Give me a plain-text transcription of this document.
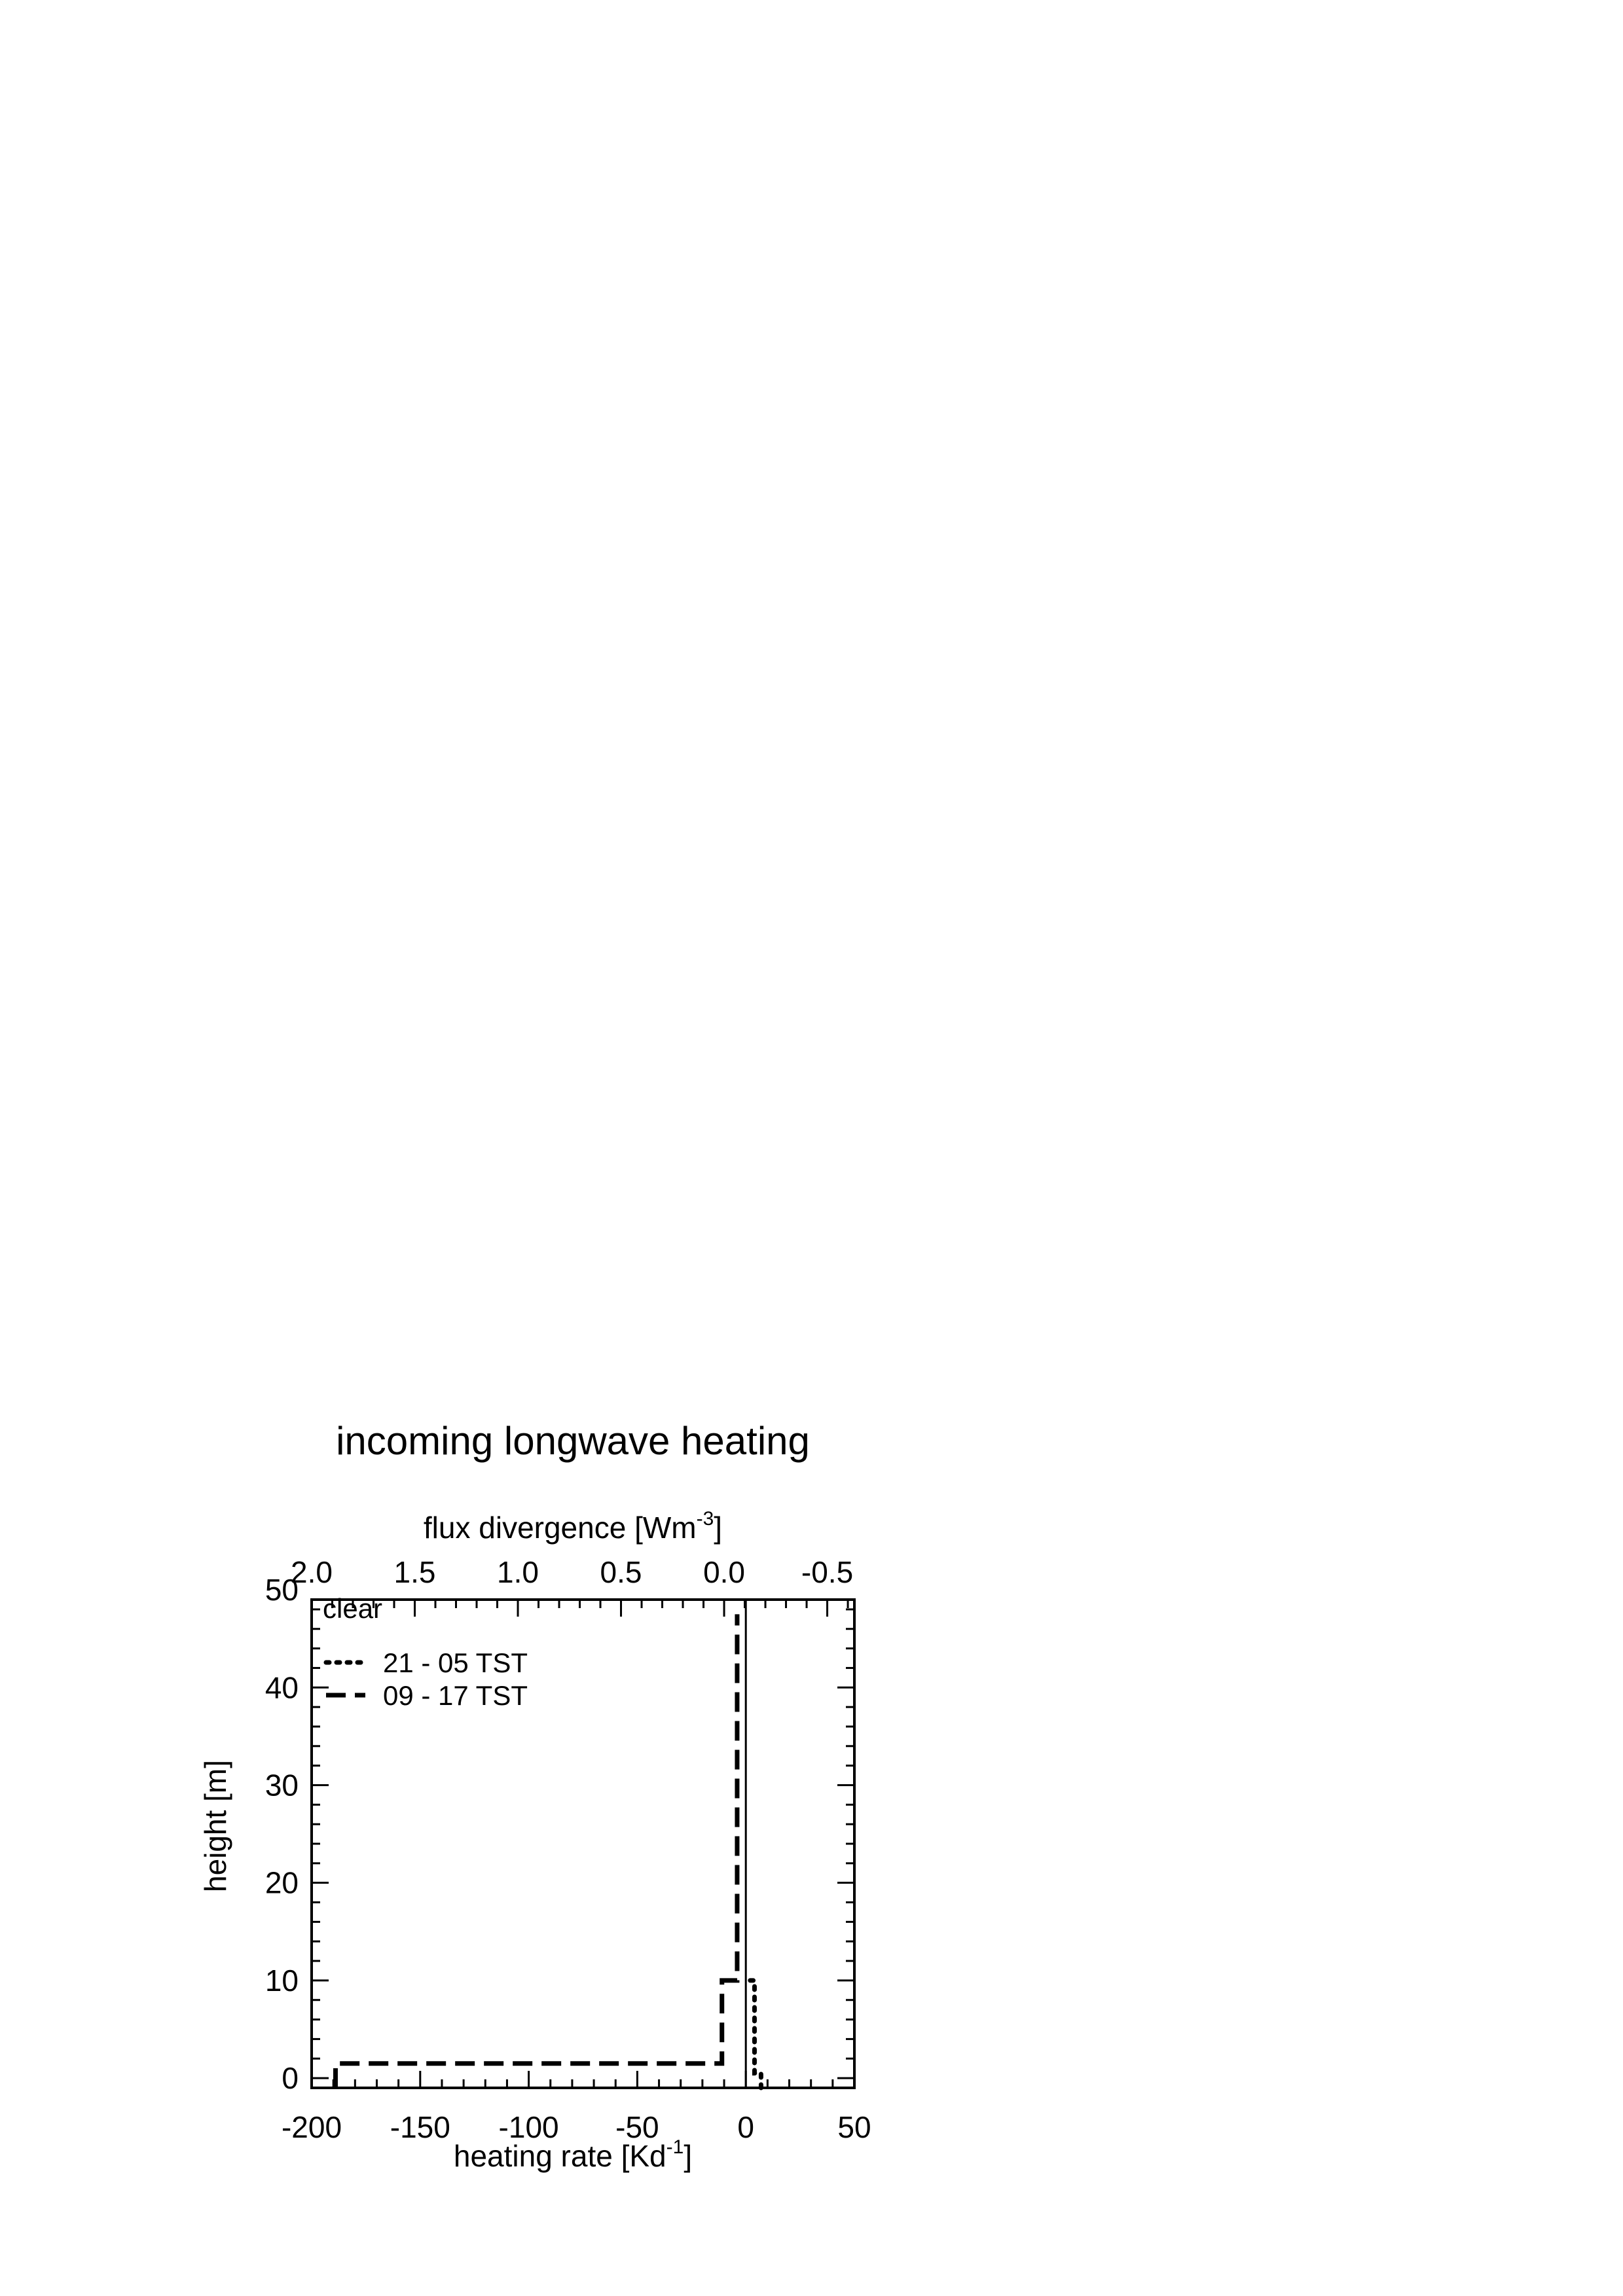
incoming longwave heating
flux divergence $[Wm^{-3}]$
heating rate $[Kd^{-1}]$
height [m]
-200 -150 -100 -50	0	50
2.0 1.5 1.0 0.5 0.0 -0.5
0
10
20
30
40
50
clear
21 - 05 TST
09 - 17 TST
